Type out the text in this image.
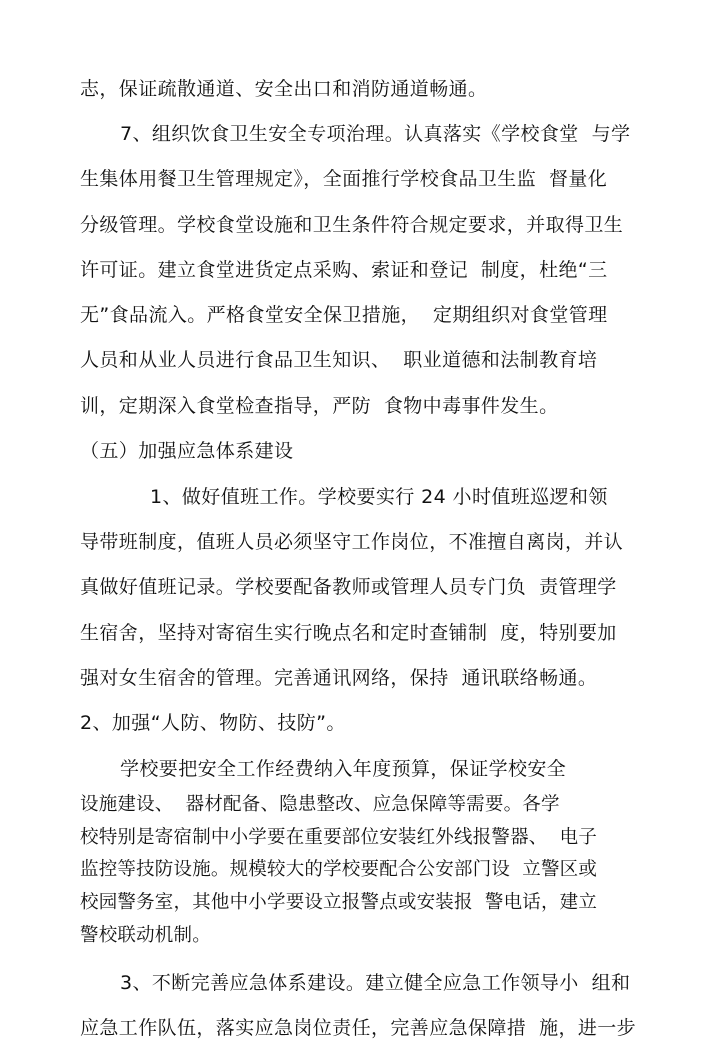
志，保证疏散通道、安全出口和消防通道畅通。
7、组织饮食卫生安全专项治理。认真落实《学校食堂  与学
生集体用餐卫生管理规定》，全面推行学校食品卫生监  督量化
分级管理。学校食堂设施和卫生条件符合规定要求，并取得卫生
许可证。建立食堂进货定点采购、索证和登记  制度，杜绝“三
无”食品流入。严格食堂安全保卫措施，  定期组织对食堂管理
人员和从业人员进行食品卫生知识、  职业道德和法制教育培
训，定期深入食堂检查指导，严防  食物中毒事件发生。
（五）加强应急体系建设
1、做好值班工作。学校要实行 24 小时值班巡逻和领
导带班制度，值班人员必须坚守工作岗位，不准擅自离岗，并认
真做好值班记录。学校要配备教师或管理人员专门负  责管理学
生宿舍，坚持对寄宿生实行晚点名和定时查铺制  度，特别要加
强对女生宿舍的管理。完善通讯网络，保持  通讯联络畅通。
2、加强“人防、物防、技防”。
学校要把安全工作经费纳入年度预算，保证学校安全
设施建设、  器材配备、隐患整改、应急保障等需要。各学
校特别是寄宿制中小学要在重要部位安装红外线报警器、  电子
监控等技防设施。规模较大的学校要配合公安部门设  立警区或
校园警务室，其他中小学要设立报警点或安装报  警电话，建立
警校联动机制。
3、不断完善应急体系建设。建立健全应急工作领导小  组和
应急工作队伍，落实应急岗位责任，完善应急保障措  施，进一步
